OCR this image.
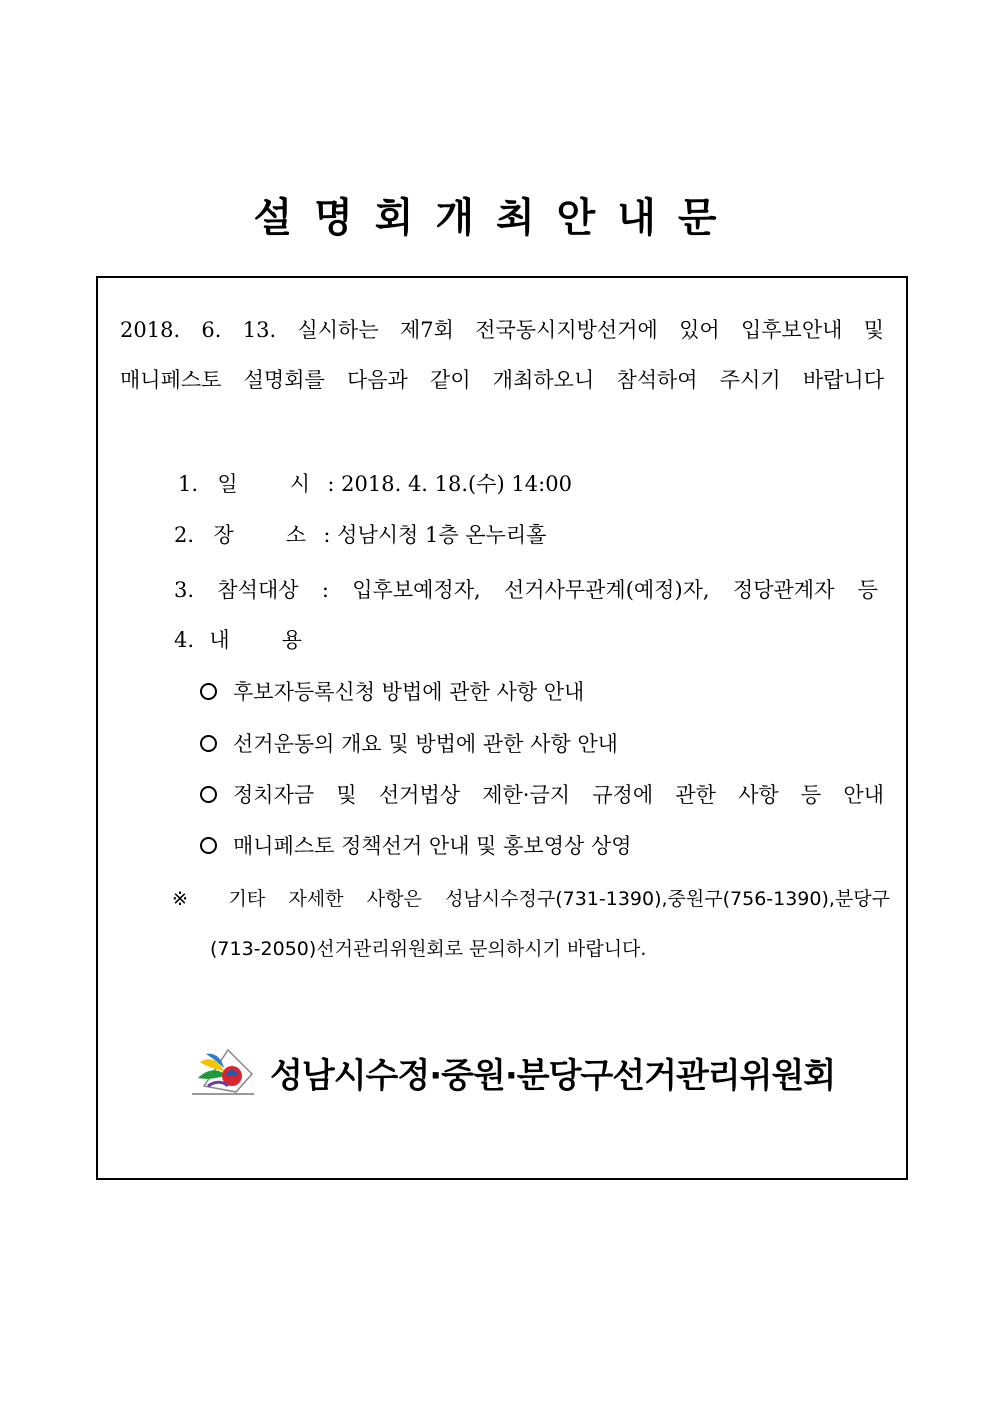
설명회개최안내문
2018. 6. 13. 실시하는 제7회 전국동시지방선거에 있어 입후보안내 및
매니페스토 설명회를 다음과 같이 개최하오니 참석하여 주시기 바랍니다
1. 일 시 : 2018. 4. 18.(수) 14:00
2. 장 소 : 성남시청 1층 온누리홀
3. 참석대상 : 입후보예정자, 선거사무관계(예정)자, 정당관계자 등
4. 내 용
후보자등록신청 방법에 관한 사항 안내
선거운동의 개요 및 방법에 관한 사항 안내
정치자금 및 선거법상 제한·금지 규정에 관한 사항 등 안내
매니페스토 정책선거 안내 및 홍보영상 상영
※ 기타 자세한 사항은 성남시수정구(731-1390),중원구(756-1390),분당구
(713-2050)선거관리위원회로 문의하시기 바랍니다.
성남시수정·중원·분당구선거관리위원회
